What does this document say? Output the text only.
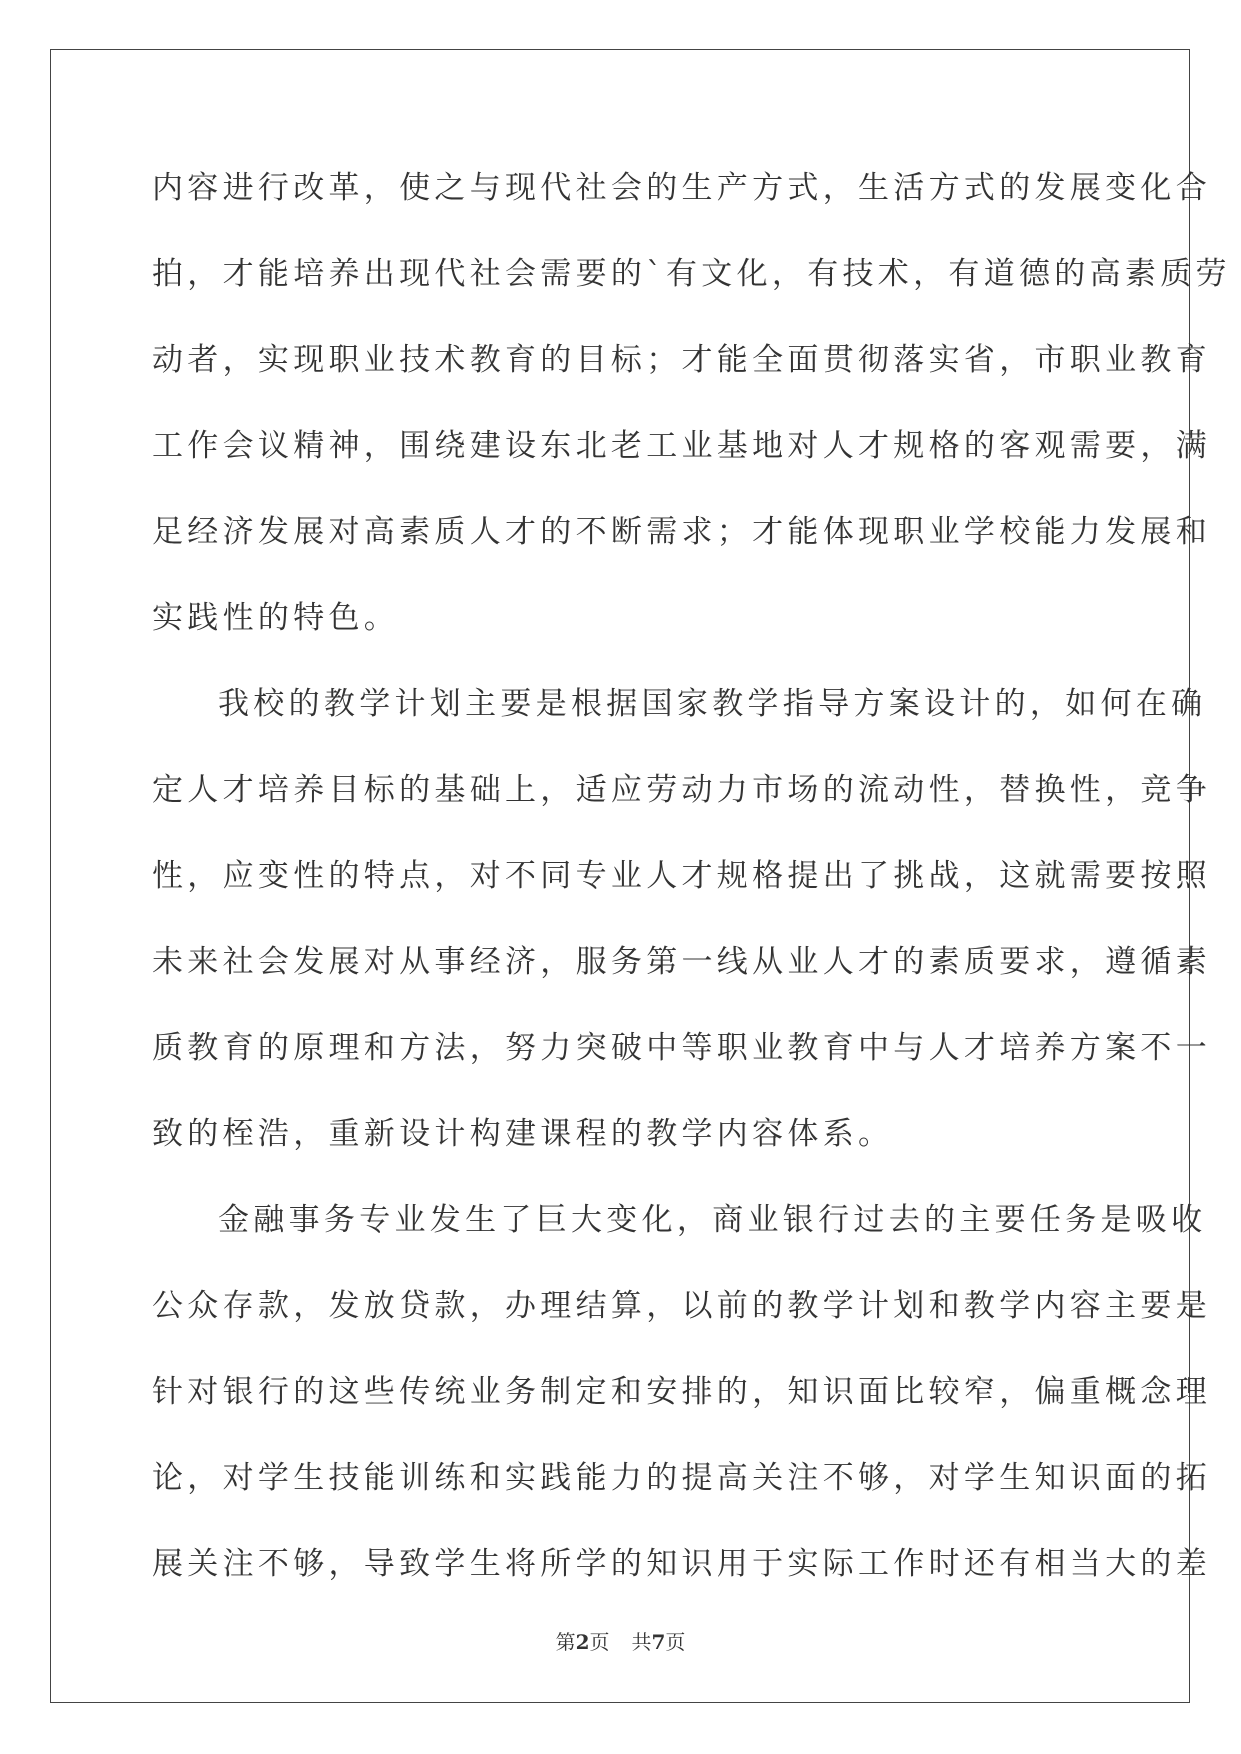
内容进行改革，使之与现代社会的生产方式，生活方式的发展变化合
拍，才能培养出现代社会需要的`有文化，有技术，有道德的高素质劳
动者，实现职业技术教育的目标；才能全面贯彻落实省，市职业教育
工作会议精神，围绕建设东北老工业基地对人才规格的客观需要，满
足经济发展对高素质人才的不断需求；才能体现职业学校能力发展和
实践性的特色。
我校的教学计划主要是根据国家教学指导方案设计的，如何在确
定人才培养目标的基础上，适应劳动力市场的流动性，替换性，竞争
性，应变性的特点，对不同专业人才规格提出了挑战，这就需要按照
未来社会发展对从事经济，服务第一线从业人才的素质要求，遵循素
质教育的原理和方法，努力突破中等职业教育中与人才培养方案不一
致的桎浩，重新设计构建课程的教学内容体系。
金融事务专业发生了巨大变化，商业银行过去的主要任务是吸收
公众存款，发放贷款，办理结算，以前的教学计划和教学内容主要是
针对银行的这些传统业务制定和安排的，知识面比较窄，偏重概念理
论，对学生技能训练和实践能力的提高关注不够，对学生知识面的拓
展关注不够，导致学生将所学的知识用于实际工作时还有相当大的差
第2页 共7页
